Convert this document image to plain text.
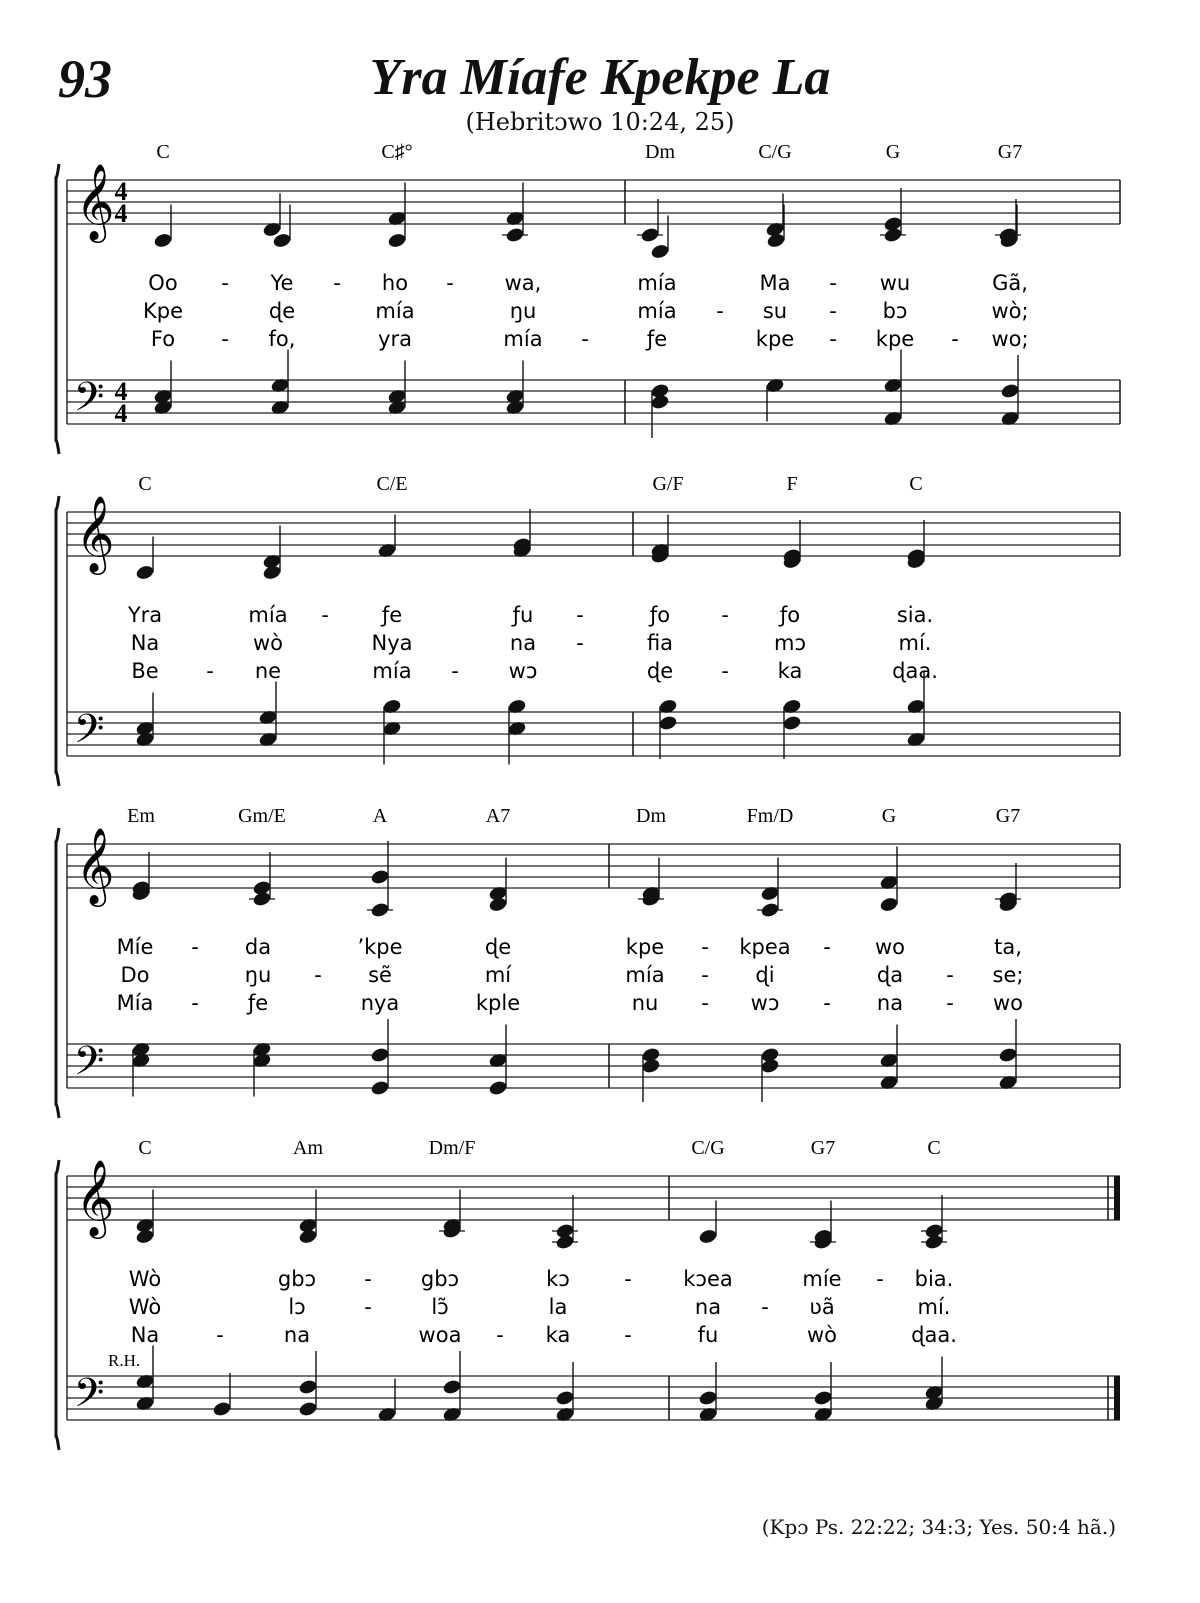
93	Yra Míafe Kpekpe La
(Hebritɔwo 10:24, 25)
(Kpɔ Ps. 22:22; 34:3; Yes. 50:4 hã.)
𝄞
𝄢
4
4
4
4
C	C♯°	Dm	C/G	G	G7
Oo - Ye - ho - wa,	mía	Ma - wu	Gã,
Kpe	ɖe	mía	ŋu	mía - su - bɔ	wò;
Fo - fo,	yra	mía -	ƒe	kpe - kpe - wo;
𝄞
𝄢
C	C/E	G/F	F	C
Yra	mía -	ƒe	ƒu -	ƒo - ƒo	sia.
Na	wò	Nya	na -	fia	mɔ	mí.
Be - ne	mía - wɔ	ɖe - ka	ɖaa.
𝄞
𝄢
Em	Gm/E	A	A7	Dm	Fm/D	G	G7
Míe - da	’kpe	ɖe	kpe - kpea - wo	ta,
Do	ŋu - sẽ	mí	mía - ɖi	ɖa - se;
Mía - ƒe	nya	kple	nu - wɔ - na - wo
𝄞
𝄢
C	Am	Dm/F	C/G	G7	C
Wò	gbɔ - gbɔ	kɔ	- kɔea	míe - bia.
Wò	lɔ	-	lɔ̃	la	na - ʋã	mí.
Na	-	na	woa - ka	-	fu	wò	ɖaa.
R.H.
